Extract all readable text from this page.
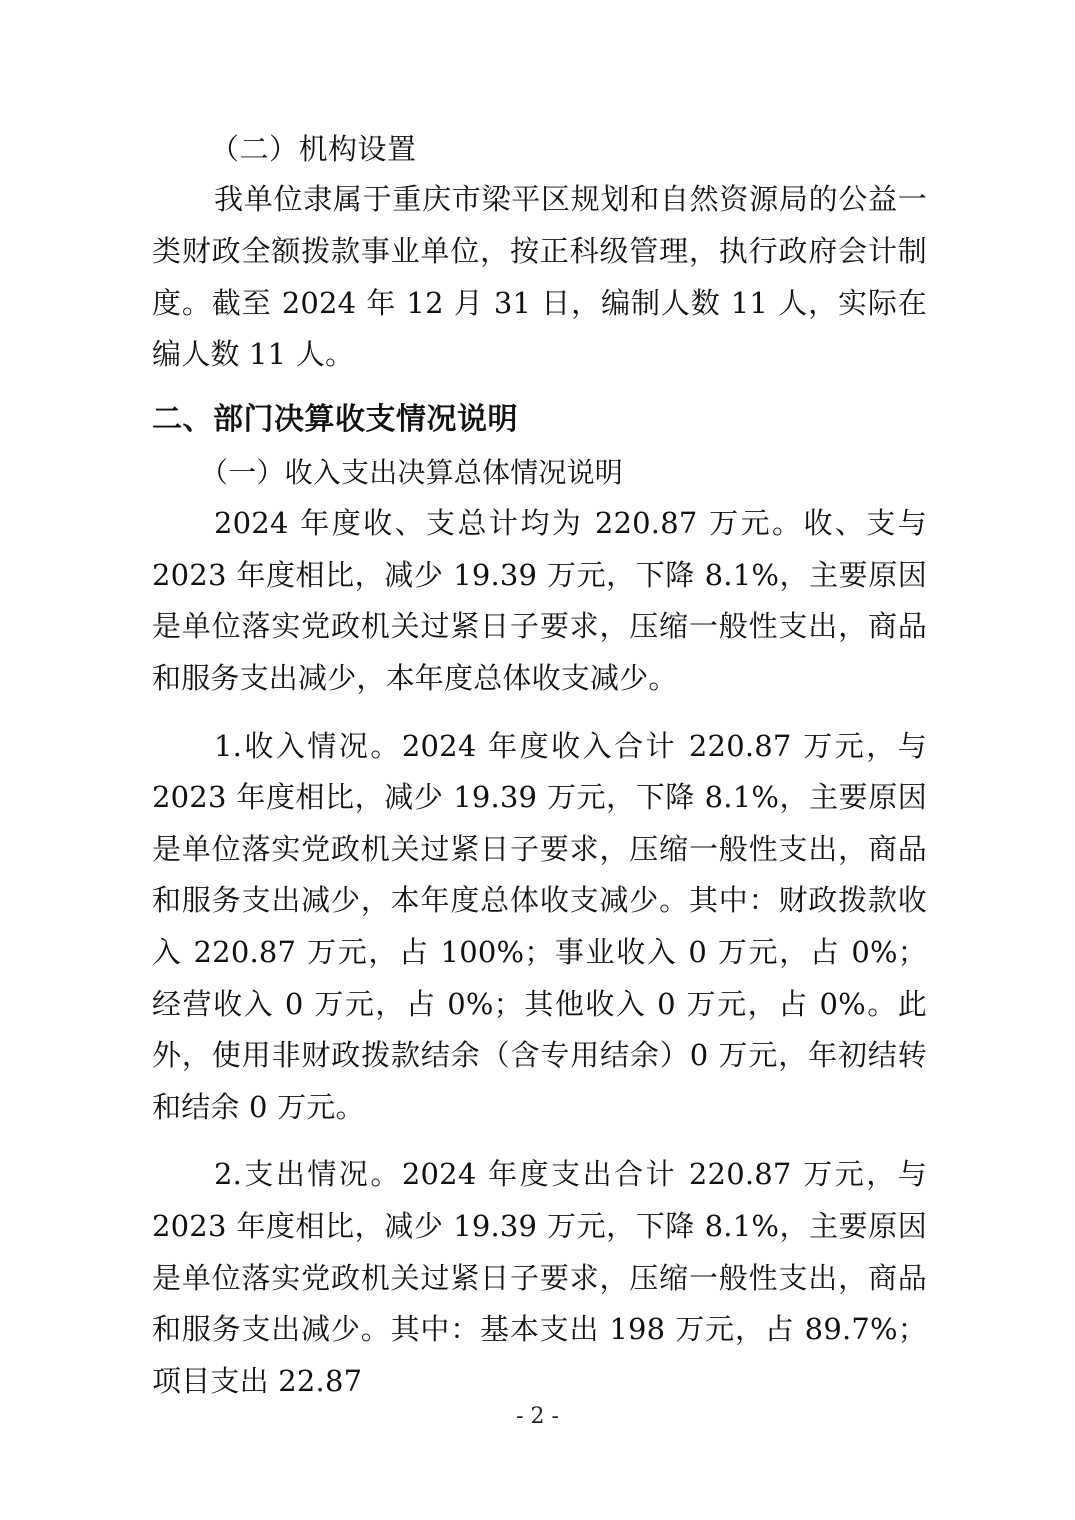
（二）机构设置

我单位隶属于重庆市梁平区规划和自然资源局的公益一类财政全额拨款事业单位，按正科级管理，执行政府会计制度。截至 2024 年 12 月 31 日，编制人数 11 人，实际在编人数 11 人。

二、部门决算收支情况说明
（一）收入支出决算总体情况说明

2024 年度收、支总计均为 220.87 万元。收、支与 2023 年度相比，减少 19.39 万元，下降 8.1%，主要原因是单位落实党政机关过紧日子要求，压缩一般性支出，商品和服务支出减少，本年度总体收支减少。

1.收入情况。2024 年度收入合计 220.87 万元，与 2023 年度相比，减少 19.39 万元，下降 8.1%，主要原因是单位落实党政机关过紧日子要求，压缩一般性支出，商品和服务支出减少，本年度总体收支减少。其中：财政拨款收入 220.87 万元，占 100%；事业收入 0 万元，占 0%；经营收入 0 万元，占 0%；其他收入 0 万元，占 0%。此外，使用非财政拨款结余（含专用结余）0 万元，年初结转和结余 0 万元。

2.支出情况。2024 年度支出合计 220.87 万元，与 2023 年度相比，减少 19.39 万元，下降 8.1%，主要原因是单位落实党政机关过紧日子要求，压缩一般性支出，商品和服务支出减少。其中：基本支出 198 万元，占 89.7%；项目支出 22.87

- 2 -
